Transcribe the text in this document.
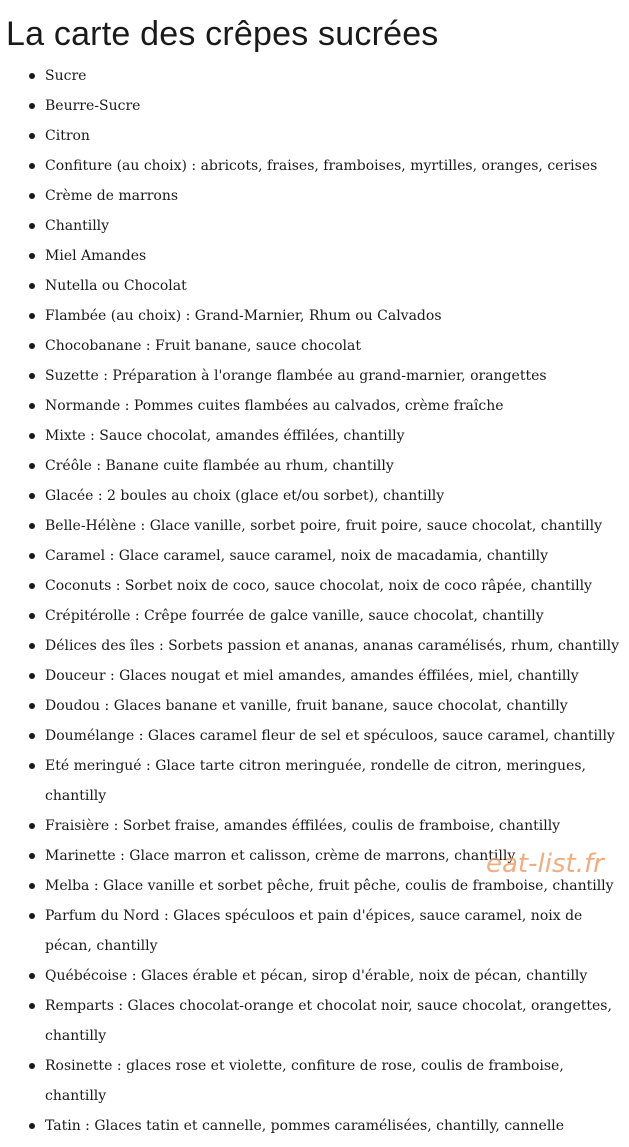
La carte des crêpes sucrées
Sucre
Beurre-Sucre
Citron
Confiture (au choix) : abricots, fraises, framboises, myrtilles, oranges, cerises
Crème de marrons
Chantilly
Miel Amandes
Nutella ou Chocolat
Flambée (au choix) : Grand-Marnier, Rhum ou Calvados
Chocobanane : Fruit banane, sauce chocolat
Suzette : Préparation à l'orange flambée au grand-marnier, orangettes
Normande : Pommes cuites flambées au calvados, crème fraîche
Mixte : Sauce chocolat, amandes éffilées, chantilly
Créôle : Banane cuite flambée au rhum, chantilly
Glacée : 2 boules au choix (glace et/ou sorbet), chantilly
Belle-Hélène : Glace vanille, sorbet poire, fruit poire, sauce chocolat, chantilly
Caramel : Glace caramel, sauce caramel, noix de macadamia, chantilly
Coconuts : Sorbet noix de coco, sauce chocolat, noix de coco râpée, chantilly
Crépitérolle : Crêpe fourrée de galce vanille, sauce chocolat, chantilly
Délices des îles : Sorbets passion et ananas, ananas caramélisés, rhum, chantilly
Douceur : Glaces nougat et miel amandes, amandes éffilées, miel, chantilly
Doudou : Glaces banane et vanille, fruit banane, sauce chocolat, chantilly
Doumélange : Glaces caramel fleur de sel et spéculoos, sauce caramel, chantilly
Eté meringué : Glace tarte citron meringuée, rondelle de citron, meringues, chantilly
Fraisière : Sorbet fraise, amandes éffilées, coulis de framboise, chantilly
Marinette : Glace marron et calisson, crème de marrons, chantilly
Melba : Glace vanille et sorbet pêche, fruit pêche, coulis de framboise, chantilly
Parfum du Nord : Glaces spéculoos et pain d'épices, sauce caramel, noix de pécan, chantilly
Québécoise : Glaces érable et pécan, sirop d'érable, noix de pécan, chantilly
Remparts : Glaces chocolat-orange et chocolat noir, sauce chocolat, orangettes, chantilly
Rosinette : glaces rose et violette, confiture de rose, coulis de framboise, chantilly
Tatin : Glaces tatin et cannelle, pommes caramélisées, chantilly, cannelle
eat-list.fr
